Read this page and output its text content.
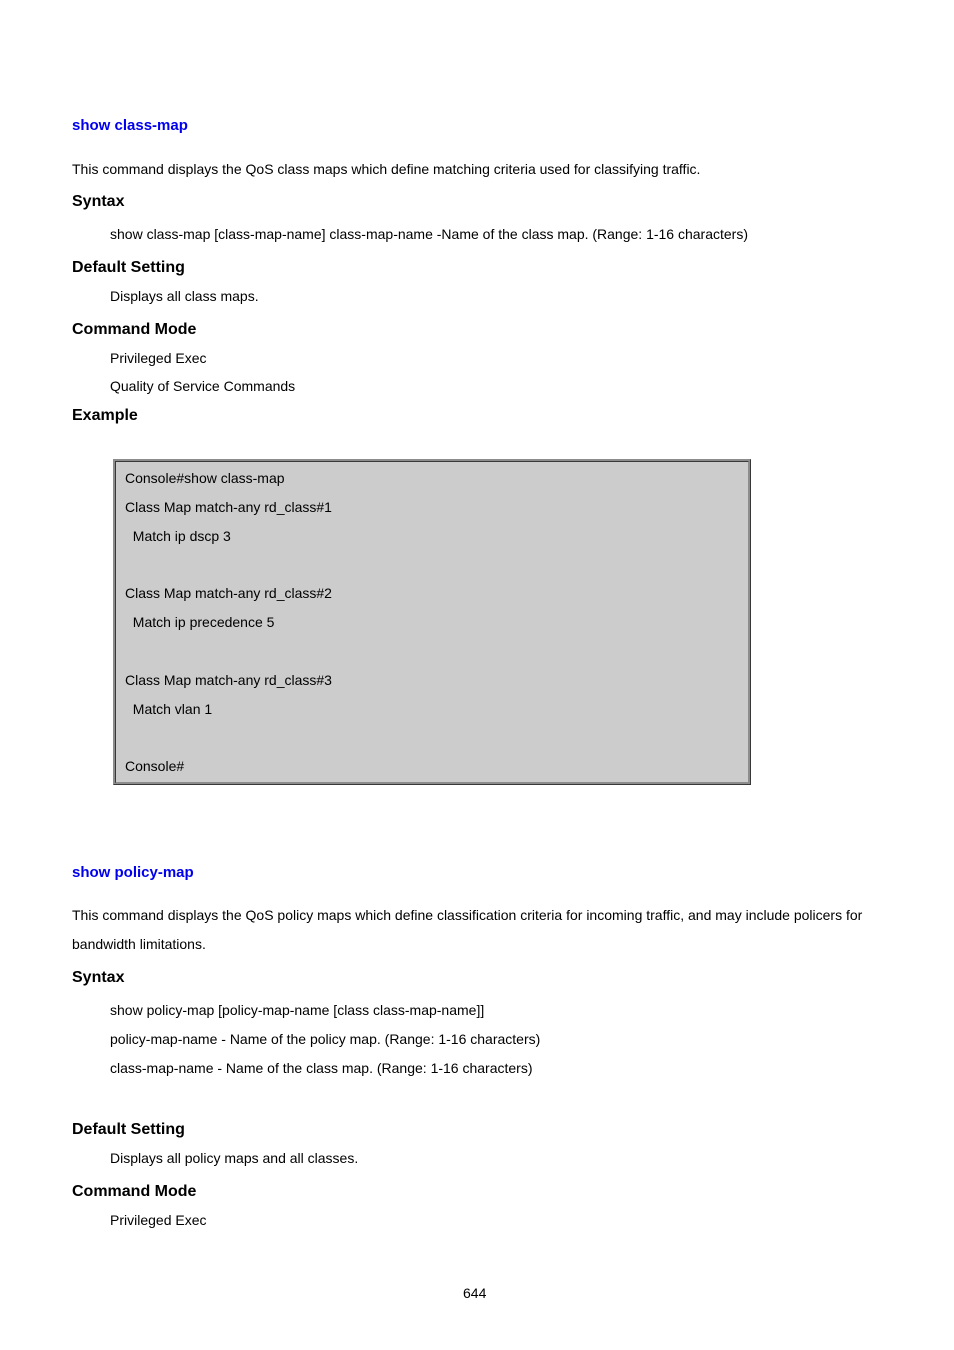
show class-map

This command displays the QoS class maps which define matching criteria used for classifying traffic.

Syntax

show class-map [class-map-name] class-map-name -Name of the class map. (Range: 1-16 characters)

Default Setting

Displays all class maps.

Command Mode

Privileged Exec

Quality of Service Commands

Example

Console#show class-map

Class Map match-any rd_class#1

Match ip dscp 3

Class Map match-any rd_class#2

Match ip precedence 5

Class Map match-any rd_class#3

Match vlan 1

Console#

show policy-map

This command displays the QoS policy maps which define classification criteria for incoming traffic, and may include policers for

bandwidth limitations.

Syntax

show policy-map [policy-map-name [class class-map-name]]

policy-map-name - Name of the policy map. (Range: 1-16 characters)

class-map-name - Name of the class map. (Range: 1-16 characters)

Default Setting

Displays all policy maps and all classes.

Command Mode

Privileged Exec

644
